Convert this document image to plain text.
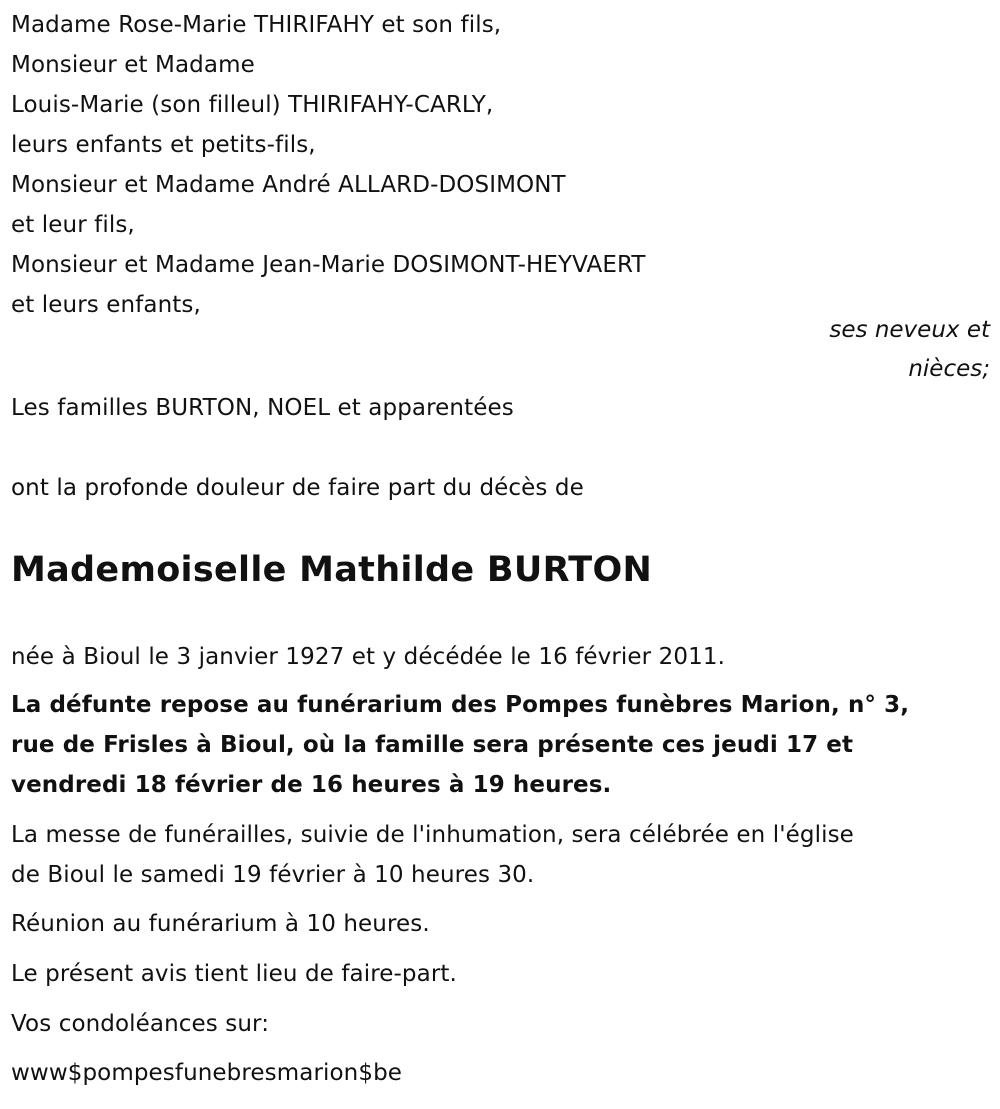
Madame Rose-Marie THIRIFAHY et son fils,
Monsieur et Madame
Louis-Marie (son filleul) THIRIFAHY-CARLY,
leurs enfants et petits-fils,
Monsieur et Madame André ALLARD-DOSIMONT
et leur fils,
Monsieur et Madame Jean-Marie DOSIMONT-HEYVAERT
et leurs enfants,
ses neveux et
nièces;
Les familles BURTON, NOEL et apparentées
ont la profonde douleur de faire part du décès de
Mademoiselle Mathilde BURTON
née à Bioul le 3 janvier 1927 et y décédée le 16 février 2011.
La défunte repose au funérarium des Pompes funèbres Marion, n° 3,
rue de Frisles à Bioul, où la famille sera présente ces jeudi 17 et
vendredi 18 février de 16 heures à 19 heures.
La messe de funérailles, suivie de l'inhumation, sera célébrée en l'église
de Bioul le samedi 19 février à 10 heures 30.
Réunion au funérarium à 10 heures.
Le présent avis tient lieu de faire-part.
Vos condoléances sur:
www$pompesfunebresmarion$be
